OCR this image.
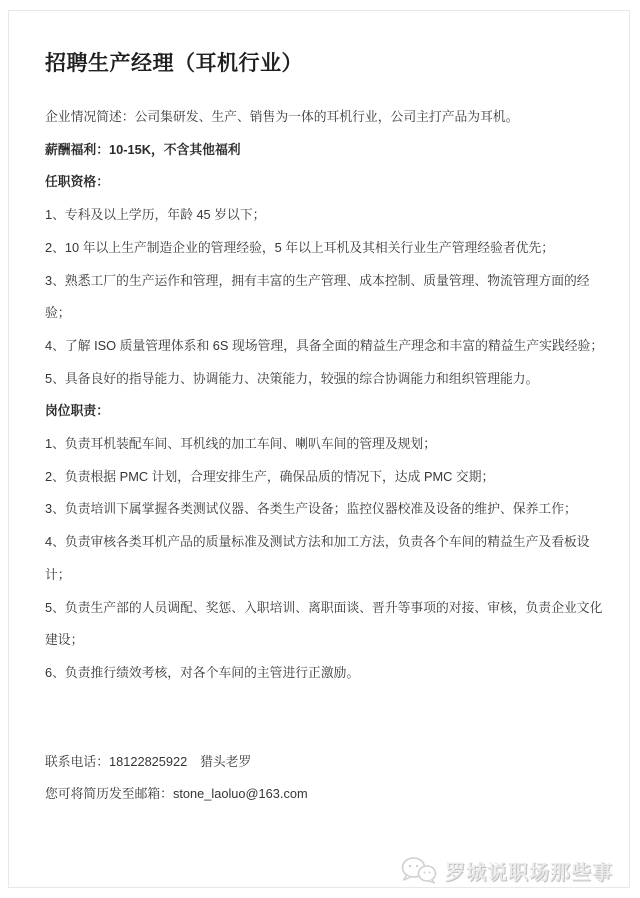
招聘生产经理（耳机行业）

企业情况简述：公司集研发、生产、销售为一体的耳机行业，公司主打产品为耳机。

薪酬福利：10-15K，不含其他福利

任职资格：

1、专科及以上学历，年龄 45 岁以下；

2、10 年以上生产制造企业的管理经验，5 年以上耳机及其相关行业生产管理经验者优先；

3、熟悉工厂的生产运作和管理，拥有丰富的生产管理、成本控制、质量管理、物流管理方面的经验；

4、了解 ISO 质量管理体系和 6S 现场管理，具备全面的精益生产理念和丰富的精益生产实践经验；

5、具备良好的指导能力、协调能力、决策能力，较强的综合协调能力和组织管理能力。

岗位职责：

1、负责耳机装配车间、耳机线的加工车间、喇叭车间的管理及规划；

2、负责根据 PMC 计划，合理安排生产，确保品质的情况下，达成 PMC 交期；

3、负责培训下属掌握各类测试仪器、各类生产设备；监控仪器校准及设备的维护、保养工作；

4、负责审核各类耳机产品的质量标准及测试方法和加工方法，负责各个车间的精益生产及看板设计；

5、负责生产部的人员调配、奖惩、入职培训、离职面谈、晋升等事项的对接、审核，负责企业文化建设；

6、负责推行绩效考核，对各个车间的主管进行正激励。

联系电话：18122825922　猎头老罗

您可将简历发至邮箱：stone_laoluo@163.com

罗城说职场那些事
